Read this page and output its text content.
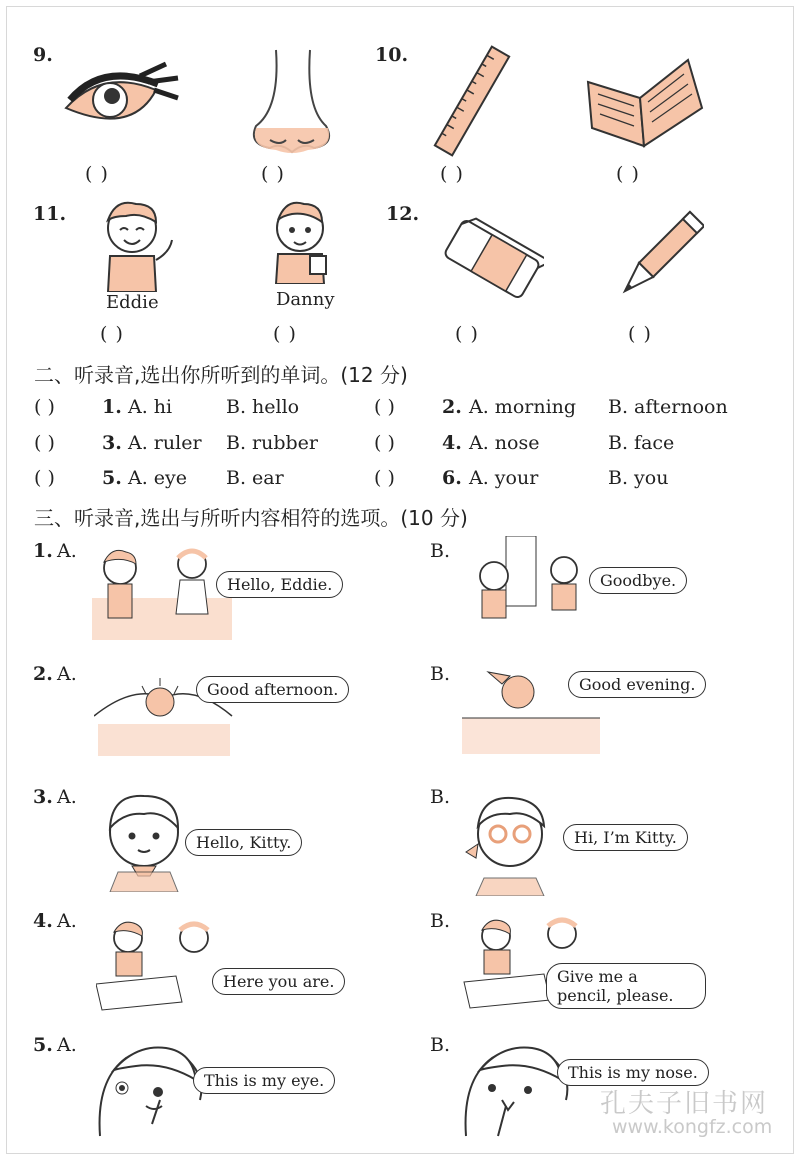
9.
( )	( )
10.
( )	( )
11.
Eddie
( )
Danny
( )
12.
( )	( )
二、听录音,选出你所听到的单词。(12 分)
( ) 1. A. hi	B. hello	( ) 2. A. morning B. afternoon
( ) 3. A. ruler B. rubber	( ) 4. A. nose	B. face
( ) 5. A. eye B. ear	( ) 6. A. your	B. you
三、听录音,选出与所听内容相符的选项。(10 分)
1. A.
Hello, Eddie.
B.
Goodbye.
2. A.
Good afternoon.
B.	Good evening.
3. A.
Hello, Kitty.
B.
Hi, I’m Kitty.
4. A.
Here you are.
B.
Give me a pencil, please.
5. A.
This is my eye.
B.
This is my nose.
孔夫子旧书网
www.kongfz.com
